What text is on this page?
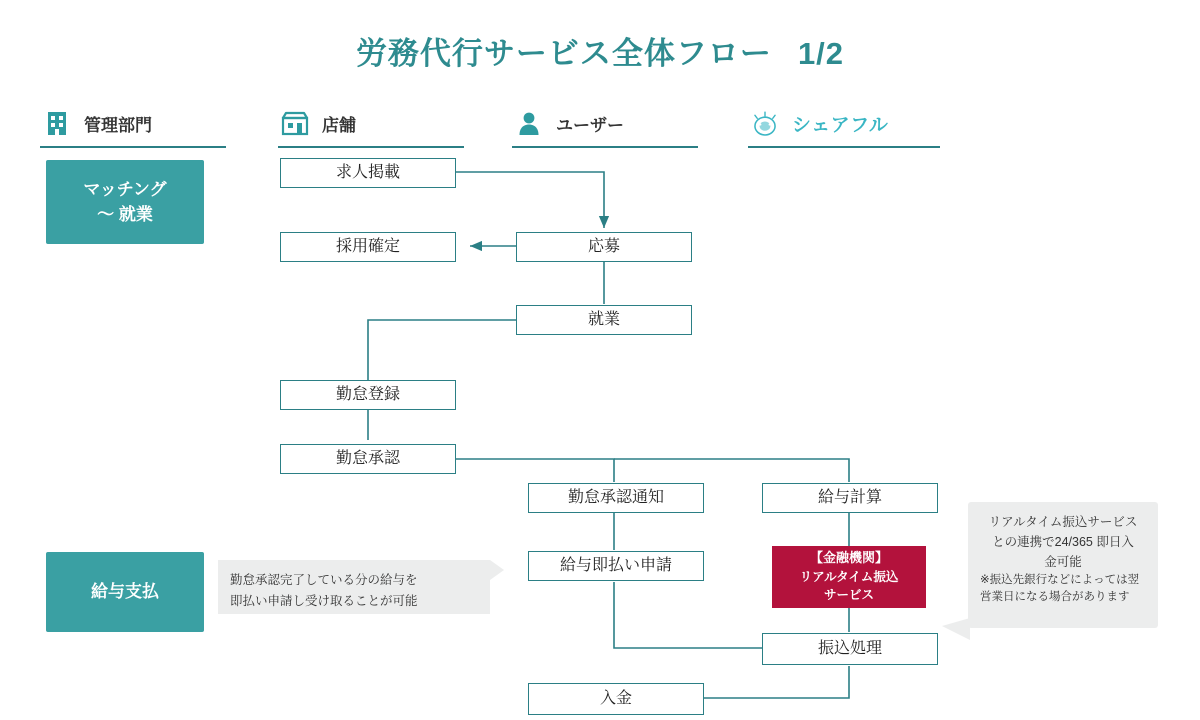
労務代行サービス全体フロー 1/2
管理部門	店舗	ユーザー	シェアフル
マッチング
〜 就業
給与支払
求人掲載
応募
採用確定
就業
勤怠登録
勤怠承認
勤怠承認通知	給与計算
給与即払い申請	【金融機関】
リアルタイム振込
サービス
振込処理
入金
勤怠承認完了している分の給与を
即払い申請し受け取ることが可能
リアルタイム振込サービス
との連携で24/365 即日入
金可能
※振込先銀行などによっては翌
営業日になる場合があります
